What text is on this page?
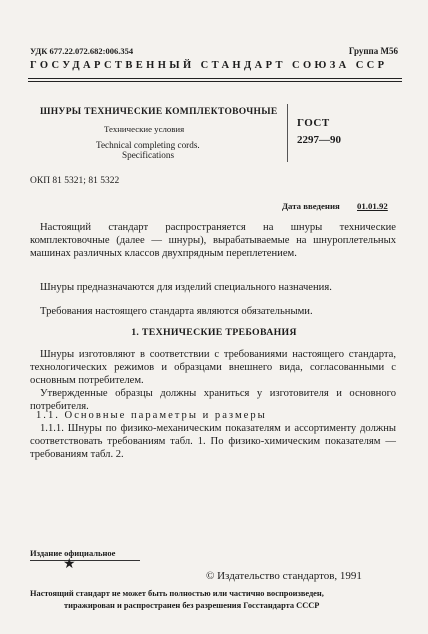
УДК 677.22.072.682:006.354	Группа М56
ГОСУДАРСТВЕННЫЙ СТАНДАРТ СОЮЗА ССР
ШНУРЫ ТЕХНИЧЕСКИЕ КОМПЛЕКТОВОЧНЫЕ
Технические условия
Technical completing cords.
Specifications
ГОСТ
2297—90
ОКП 81 5321; 81 5322
Дата введения 01.01.92
Настоящий стандарт распространяется на шнуры технические комплектовочные (далее — шнуры), вырабатываемые на шнуроплетельных машинах различных классов двухпрядным переплетением.
Шнуры предназначаются для изделий специального назначения.
Требования настоящего стандарта являются обязательными.
1. ТЕХНИЧЕСКИЕ ТРЕБОВАНИЯ
Шнуры изготовляют в соответствии с требованиями настоящего стандарта, технологических режимов и образцами внешнего вида, согласованными с основным потребителем.
Утвержденные образцы должны храниться у изготовителя и основного потребителя.
1.1. Основные параметры и размеры
1.1.1. Шнуры по физико-механическим показателям и ассортименту должны соответствовать требованиям табл. 1. По физико-химическим показателям — требованиям табл. 2.
Издание официальное
★
© Издательство стандартов, 1991
Настоящий стандарт не может быть полностью или частично воспроизведен,
тиражирован и распространен без разрешения Госстандарта СССР
